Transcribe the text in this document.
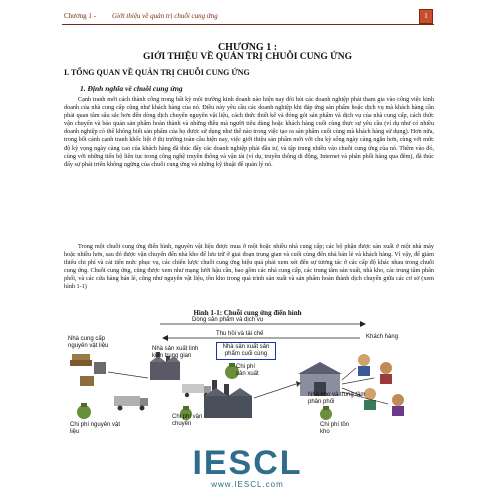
Chương 1 - Giới thiệu về quản trị chuỗi cung ứng	1
CHƯƠNG 1 :
GIỚI THIỆU VỀ QUẢN TRỊ CHUỖI CUNG ỨNG
I. TỔNG QUAN VỀ QUẢN TRỊ CHUỖI CUNG ỨNG
1. Định nghĩa về chuỗi cung ứng
Cạnh tranh mới cách thành công trong bất kỳ môi trường kinh doanh nào hiện nay đòi hỏi các doanh nghiệp phải tham gia vào công việc kinh doanh của nhà cung cấp cũng như khách hàng của nó. Điều này yêu cầu các doanh nghiệp khi đáp ứng sản phẩm hoặc dịch vụ mà khách hàng cần phải quan tâm sâu sắc hơn đến dòng dịch chuyển nguyên vật liệu, cách thức thiết kế và đóng gói sản phẩm và dịch vụ của nhà cung cấp, cách thức vận chuyển và bảo quản sản phẩm hoàn thành và những điều mà người tiêu dùng hoặc khách hàng cuối cùng thực sự yêu cầu (ví dụ như có nhiều doanh nghiệp có thể không biết sản phẩm của họ được sử dụng như thế nào trong việc tạo ra sản phẩm cuối cùng mà khách hàng sử dụng). Hơn nữa, trong bối cảnh cạnh tranh khốc liệt ở thị trường toàn cầu hiện nay, việc giới thiệu sản phẩm mới với chu kỳ sống ngày càng ngắn hơn, cùng với mức độ kỳ vọng ngày càng cao của khách hàng đã thúc đẩy các doanh nghiệp phải đầu tư, và tập trung nhiều vào chuỗi cung ứng của nó. Thêm vào đó, cùng với những tiến bộ liên tục trong công nghệ truyền thông và vận tải (ví dụ, truyền thông di động, Internet và phân phối hàng qua đêm), đã thúc đẩy sự phát triển không ngừng của chuỗi cung ứng và những kỹ thuật để quản lý nó.
Trong một chuỗi cung ứng điển hình, nguyên vật liệu được mua ở một hoặc nhiều nhà cung cấp; các bộ phận được sản xuất ở một nhà máy hoặc nhiều hơn, sau đó được vận chuyển đến nhà kho để lưu trữ ở giai đoạn trung gian và cuối cùng đến nhà bán lẻ và khách hàng. Vì vậy, để giảm thiểu chi phí và cải tiến mức phục vụ, các chiến lược chuỗi cung ứng hiệu quả phải xem xét đến sự tương tác ở các cấp độ khác nhau trong chuỗi cung ứng. Chuỗi cung ứng, cũng được xem như mạng lưới hậu cần, bao gồm các nhà cung cấp, các trung tâm sản xuất, nhà kho, các trung tâm phân phối, và các cửa hàng bán lẻ, cũng như nguyên vật liệu, tồn kho trong quá trình sản xuất và sản phẩm hoàn thành dịch chuyển giữa các cơ sở (xem hình 1-1)
Hình 1-1: Chuỗi cung ứng điển hình
Dòng sản phẩm và dịch vụ
Thu hồi và tái chế
Nhà sản xuất sản phẩm cuối cùng
Nhà cung cấp nguyên vật liệu	Nhà sản xuất linh kiện trung gian
Chi phí sản xuất
Nhà kho và trung tâm phân phối
Khách hàng
Chi phí nguyên vật liệu
Chi phí vận chuyển	Chi phí tồn kho
IESCL
www.IESCL.com
